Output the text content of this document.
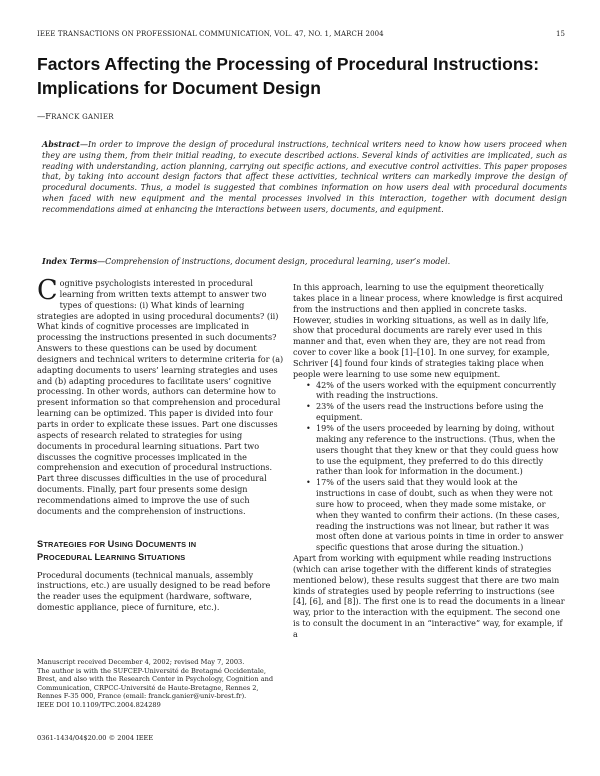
IEEE TRANSACTIONS ON PROFESSIONAL COMMUNICATION, VOL. 47, NO. 1, MARCH 2004	15
Factors Affecting the Processing of Procedural Instructions: Implications for Document Design
—FRANCK GANIER

Abstract—In order to improve the design of procedural instructions, technical writers need to know how users proceed when they are using them, from their initial reading, to execute described actions. Several kinds of activities are implicated, such as reading with understanding, action planning, carrying out specific actions, and executive control activities. This paper proposes that, by taking into account design factors that affect these activities, technical writers can markedly improve the design of procedural documents. Thus, a model is suggested that combines information on how users deal with procedural documents when faced with new equipment and the mental processes involved in this interaction, together with document design recommendations aimed at enhancing the interactions between users, documents, and equipment.

Index Terms—Comprehension of instructions, document design, procedural learning, user’s model.

Cognitive psychologists interested in procedural learning from written texts attempt to answer two types of questions: (i) What kinds of learning strategies are adopted in using procedural documents? (ii) What kinds of cognitive processes are implicated in processing the instructions presented in such documents? Answers to these questions can be used by document designers and technical writers to determine criteria for (a) adapting documents to users’ learning strategies and uses and (b) adapting procedures to facilitate users’ cognitive processing. In other words, authors can determine how to present information so that comprehension and procedural learning can be optimized. This paper is divided into four parts in order to explicate these issues. Part one discusses aspects of research related to strategies for using documents in procedural learning situations. Part two discusses the cognitive processes implicated in the comprehension and execution of procedural instructions. Part three discusses difficulties in the use of procedural documents. Finally, part four presents some design recommendations aimed to improve the use of such documents and the comprehension of instructions.

STRATEGIES FOR USING DOCUMENTS IN
PROCEDURAL LEARNING SITUATIONS

Procedural documents (technical manuals, assembly instructions, etc.) are usually designed to be read before the reader uses the equipment (hardware, software, domestic appliance, piece of furniture, etc.).

In this approach, learning to use the equipment theoretically takes place in a linear process, where knowledge is first acquired from the instructions and then applied in concrete tasks. However, studies in working situations, as well as in daily life, show that procedural documents are rarely ever used in this manner and that, even when they are, they are not read from cover to cover like a book [1]–[10]. In one survey, for example, Schriver [4] found four kinds of strategies taking place when people were learning to use some new equipment.

• 42% of the users worked with the equipment concurrently with reading the instructions.
• 23% of the users read the instructions before using the equipment.
• 19% of the users proceeded by learning by doing, without making any reference to the instructions. (Thus, when the users thought that they knew or that they could guess how to use the equipment, they preferred to do this directly rather than look for information in the document.)
• 17% of the users said that they would look at the instructions in case of doubt, such as when they were not sure how to proceed, when they made some mistake, or when they wanted to confirm their actions. (In these cases, reading the instructions was not linear, but rather it was most often done at various points in time in order to answer specific questions that arose during the situation.)

Apart from working with equipment while reading instructions (which can arise together with the different kinds of strategies mentioned below), these results suggest that there are two main kinds of strategies used by people referring to instructions (see [4], [6], and [8]). The first one is to read the documents in a linear way, prior to the interaction with the equipment. The second one is to consult the document in an “interactive” way, for example, if a

Manuscript received December 4, 2002; revised May 7, 2003.

The author is with the SUFCEP-Université de Bretagné Occidentale, Brest, and also with the Research Center in Psychology, Cognition and Communication, CRPCC-Université de Haute-Bretagne, Rennes 2, Rennes F-35 000, France (email: franck.ganier@univ-brest.fr).

IEEE DOI 10.1109/TPC.2004.824289

0361-1434/04$20.00 © 2004 IEEE
